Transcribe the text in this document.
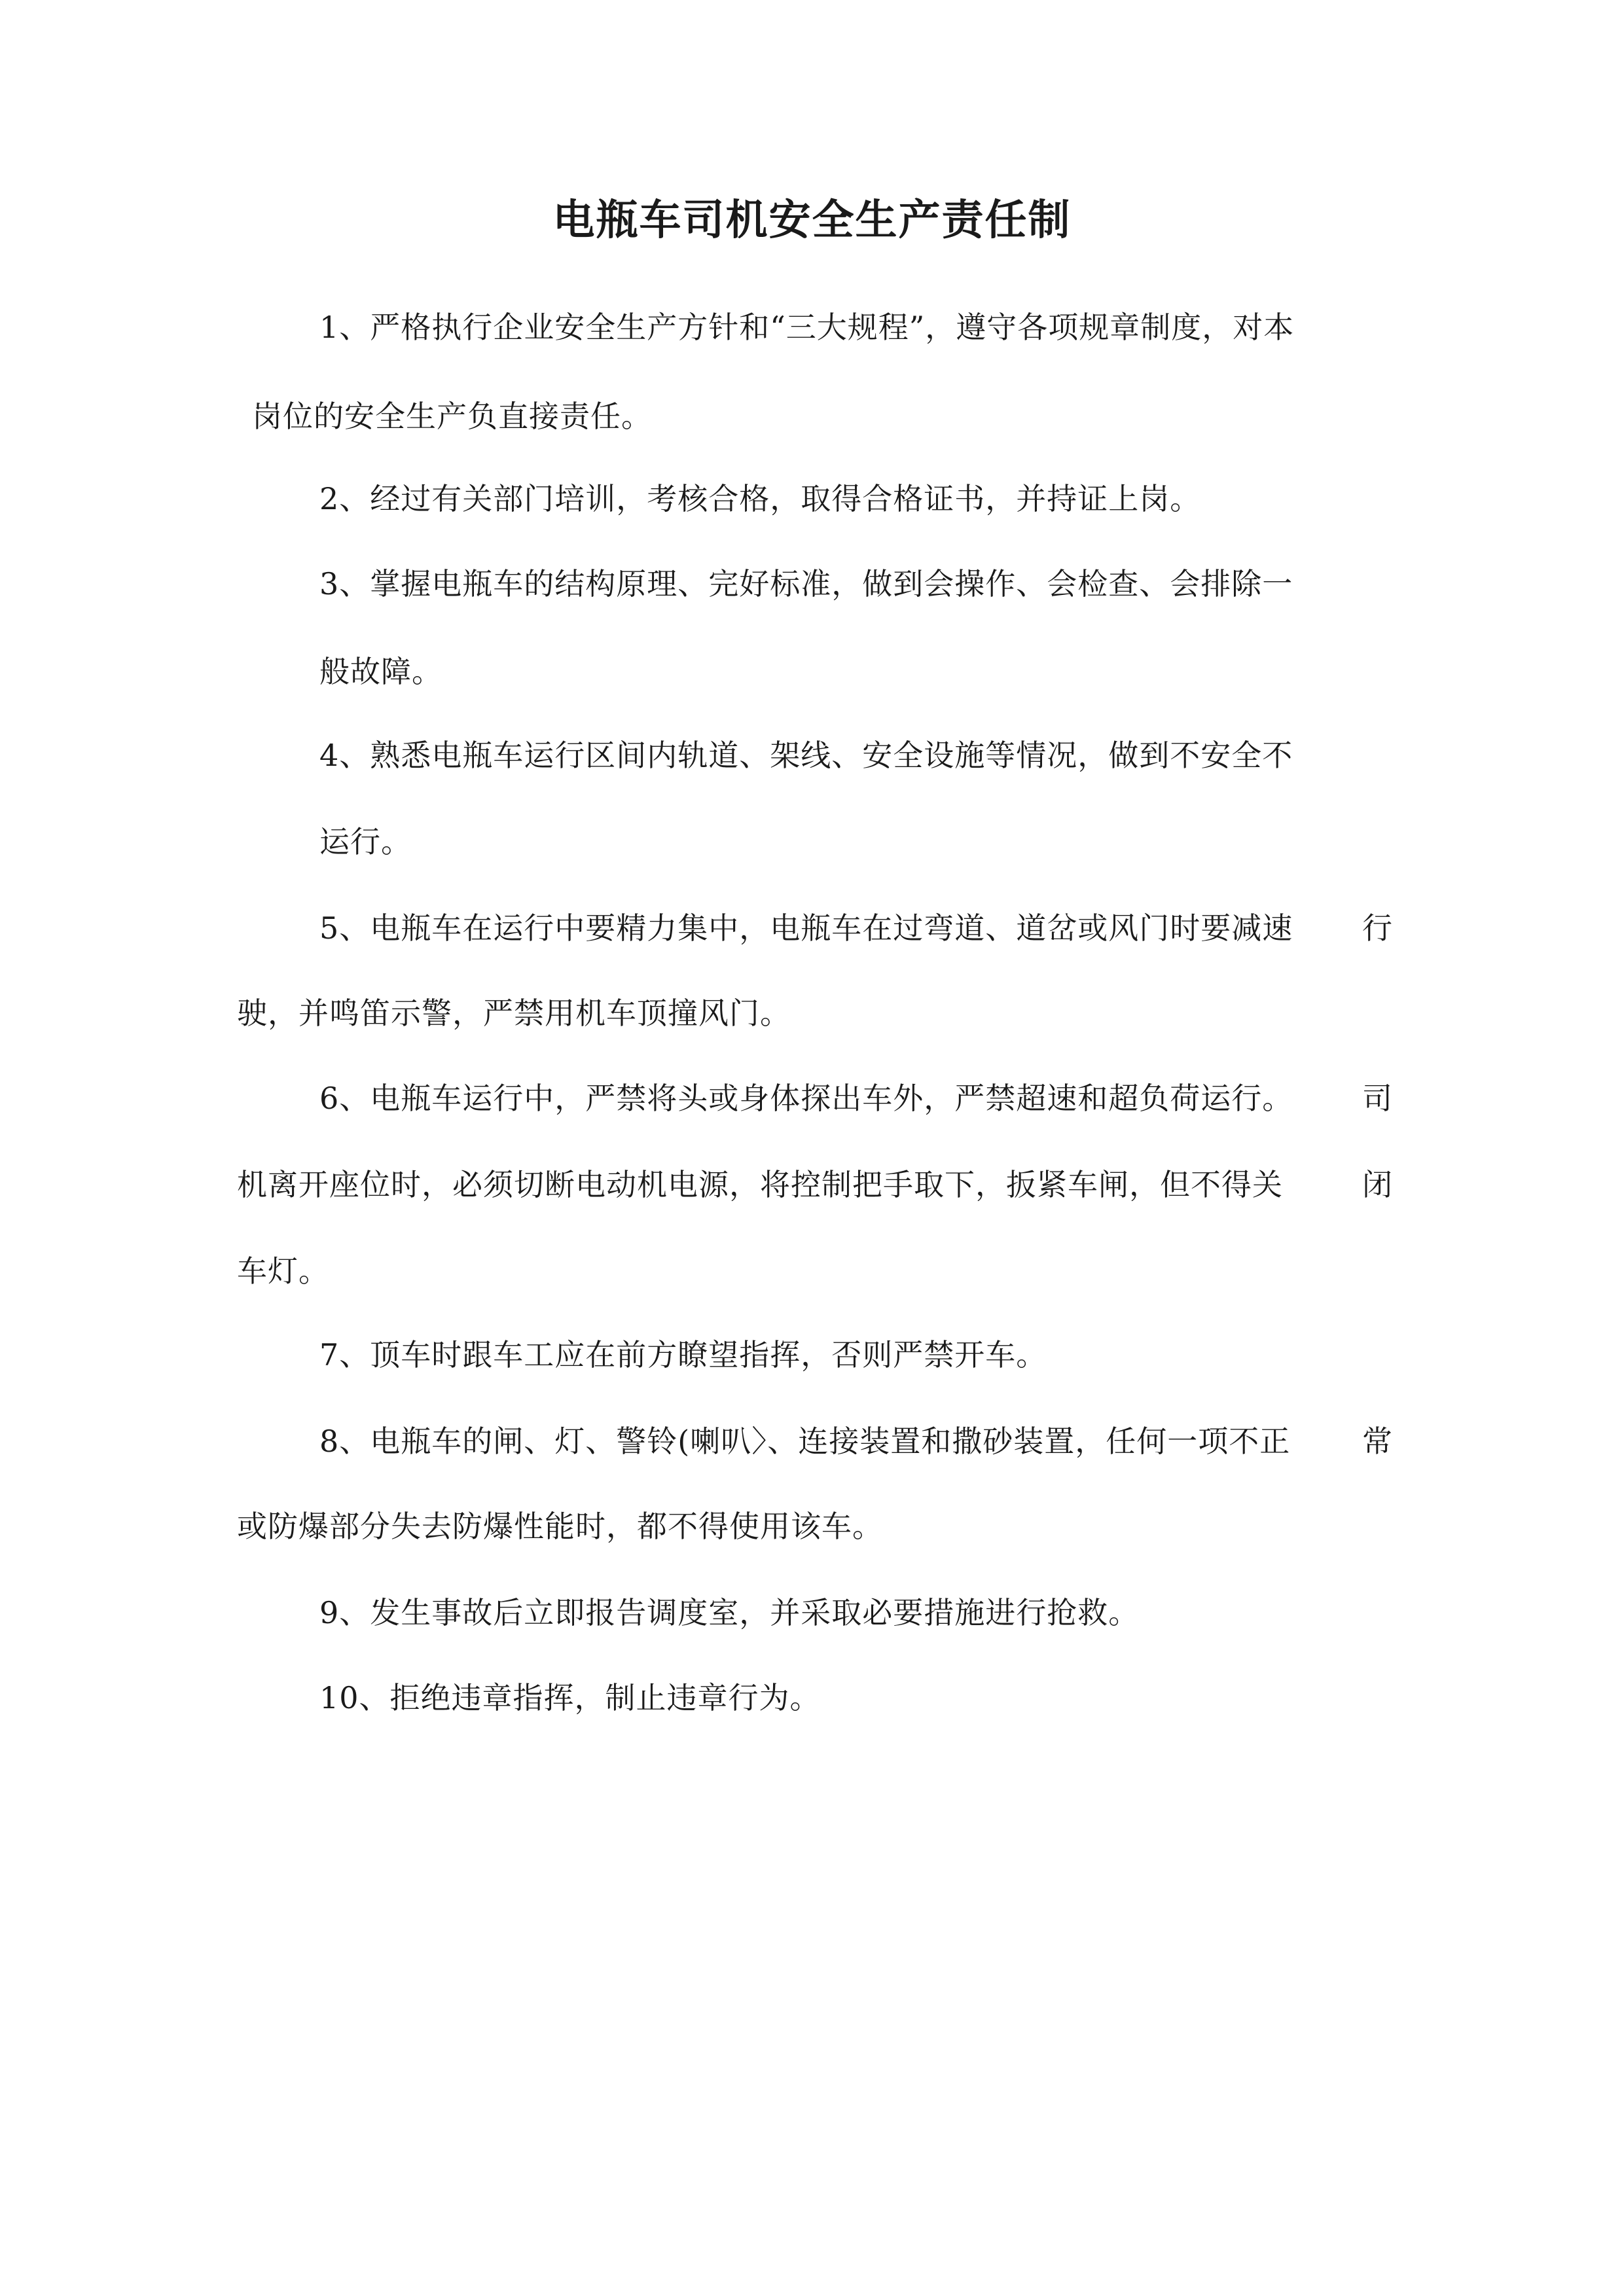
电瓶车司机安全生产责任制
1、严格执行企业安全生产方针和“三大规程”，遵守各项规章制度，对本
岗位的安全生产负直接责任。
2、经过有关部门培训，考核合格，取得合格证书，并持证上岗。
3、掌握电瓶车的结构原理、完好标准，做到会操作、会检查、会排除一
般故障。
4、熟悉电瓶车运行区间内轨道、架线、安全设施等情况，做到不安全不
运行。
5、电瓶车在运行中要精力集中，电瓶车在过弯道、道岔或风门时要减速 行
驶，并鸣笛示警，严禁用机车顶撞风门。
6、电瓶车运行中，严禁将头或身体探出车外，严禁超速和超负荷运行。 司
机离开座位时，必须切断电动机电源，将控制把手取下，扳紧车闸，但不得关	闭
车灯。
7、顶车时跟车工应在前方瞭望指挥，否则严禁开车。
8、电瓶车的闸、灯、警铃(喇叭〉、连接装置和撒砂装置，任何一项不正 常
或防爆部分失去防爆性能时，都不得使用该车。
9、发生事故后立即报告调度室，并采取必要措施进行抢救。
10、拒绝违章指挥，制止违章行为。
